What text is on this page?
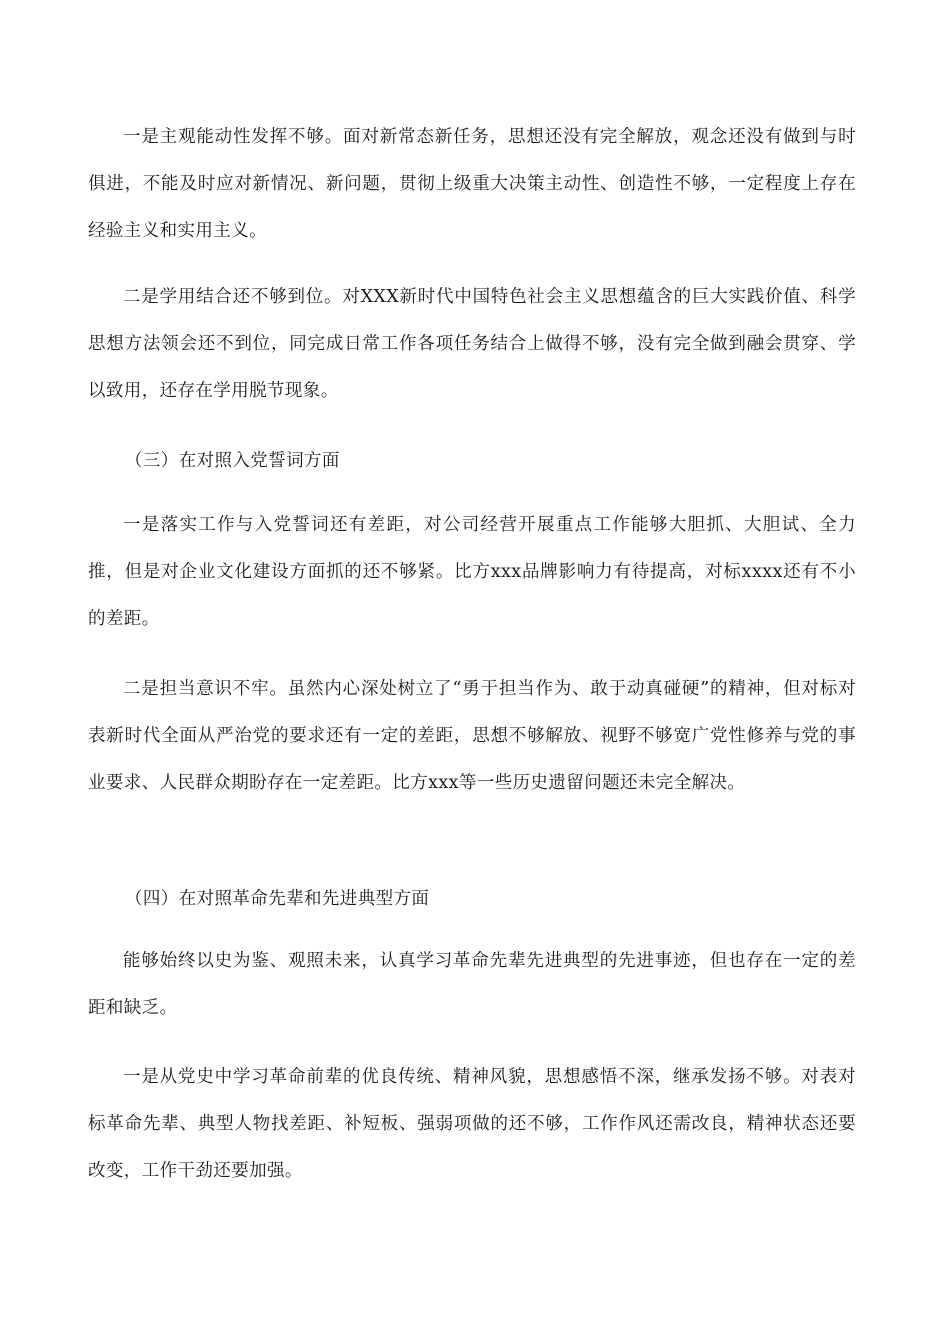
一是主观能动性发挥不够。面对新常态新任务，思想还没有完全解放，观念还没有做到与时俱进，不能及时应对新情况、新问题，贯彻上级重大决策主动性、创造性不够，一定程度上存在经验主义和实用主义。

二是学用结合还不够到位。对XXX新时代中国特色社会主义思想蕴含的巨大实践价值、科学思想方法领会还不到位，同完成日常工作各项任务结合上做得不够，没有完全做到融会贯穿、学以致用，还存在学用脱节现象。

（三）在对照入党誓词方面

一是落实工作与入党誓词还有差距，对公司经营开展重点工作能够大胆抓、大胆试、全力推，但是对企业文化建设方面抓的还不够紧。比方xxx品牌影响力有待提高，对标xxxx还有不小的差距。

二是担当意识不牢。虽然内心深处树立了“勇于担当作为、敢于动真碰硬”的精神，但对标对表新时代全面从严治党的要求还有一定的差距，思想不够解放、视野不够宽广党性修养与党的事业要求、人民群众期盼存在一定差距。比方xxx等一些历史遗留问题还未完全解决。

（四）在对照革命先辈和先进典型方面

能够始终以史为鉴、观照未来，认真学习革命先辈先进典型的先进事迹，但也存在一定的差距和缺乏。

一是从党史中学习革命前辈的优良传统、精神风貌，思想感悟不深，继承发扬不够。对表对标革命先辈、典型人物找差距、补短板、强弱项做的还不够，工作作风还需改良，精神状态还要改变，工作干劲还要加强。
